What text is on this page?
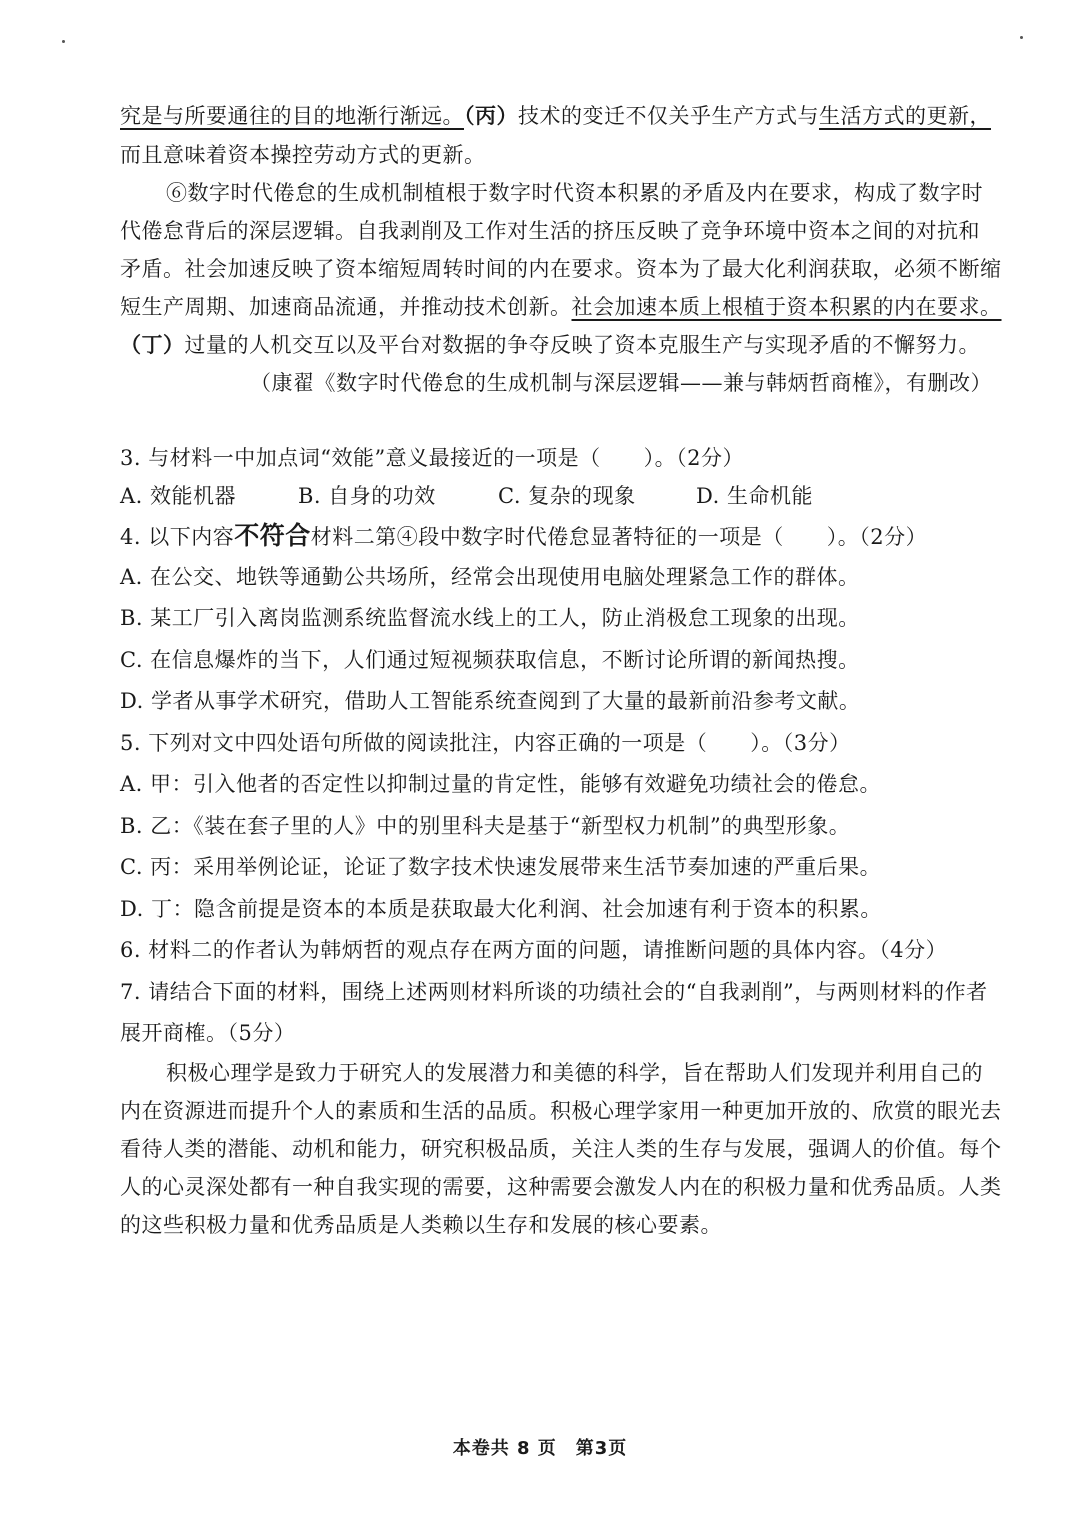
究是与所要通往的目的地渐行渐远。（丙）技术的变迁不仅关乎生产方式与生活方式的更新，
而且意味着资本操控劳动方式的更新。
⑥数字时代倦怠的生成机制植根于数字时代资本积累的矛盾及内在要求，构成了数字时
代倦怠背后的深层逻辑。自我剥削及工作对生活的挤压反映了竞争环境中资本之间的对抗和
矛盾。社会加速反映了资本缩短周转时间的内在要求。资本为了最大化利润获取，必须不断缩
短生产周期、加速商品流通，并推动技术创新。社会加速本质上根植于资本积累的内在要求。
（丁）过量的人机交互以及平台对数据的争夺反映了资本克服生产与实现矛盾的不懈努力。
（康翟《数字时代倦怠的生成机制与深层逻辑——兼与韩炳哲商榷》，有删改）
3. 与材料一中加点词“效能”意义最接近的一项是（　　）。（2分）
A. 效能机器	B. 自身的功效	C. 复杂的现象	D. 生命机能
4. 以下内容不符合材料二第④段中数字时代倦怠显著特征的一项是（　　）。（2分）
A. 在公交、地铁等通勤公共场所，经常会出现使用电脑处理紧急工作的群体。
B. 某工厂引入离岗监测系统监督流水线上的工人，防止消极怠工现象的出现。
C. 在信息爆炸的当下，人们通过短视频获取信息，不断讨论所谓的新闻热搜。
D. 学者从事学术研究，借助人工智能系统查阅到了大量的最新前沿参考文献。
5. 下列对文中四处语句所做的阅读批注，内容正确的一项是（　　）。（3分）
A. 甲：引入他者的否定性以抑制过量的肯定性，能够有效避免功绩社会的倦怠。
B. 乙：《装在套子里的人》中的别里科夫是基于“新型权力机制”的典型形象。
C. 丙：采用举例论证，论证了数字技术快速发展带来生活节奏加速的严重后果。
D. 丁：隐含前提是资本的本质是获取最大化利润、社会加速有利于资本的积累。
6. 材料二的作者认为韩炳哲的观点存在两方面的问题，请推断问题的具体内容。（4分）
7. 请结合下面的材料，围绕上述两则材料所谈的功绩社会的“自我剥削”，与两则材料的作者
展开商榷。（5分）
积极心理学是致力于研究人的发展潜力和美德的科学，旨在帮助人们发现并利用自己的
内在资源进而提升个人的素质和生活的品质。积极心理学家用一种更加开放的、欣赏的眼光去
看待人类的潜能、动机和能力，研究积极品质，关注人类的生存与发展，强调人的价值。每个
人的心灵深处都有一种自我实现的需要，这种需要会激发人内在的积极力量和优秀品质。人类
的这些积极力量和优秀品质是人类赖以生存和发展的核心要素。
本卷共 8 页　第3页
